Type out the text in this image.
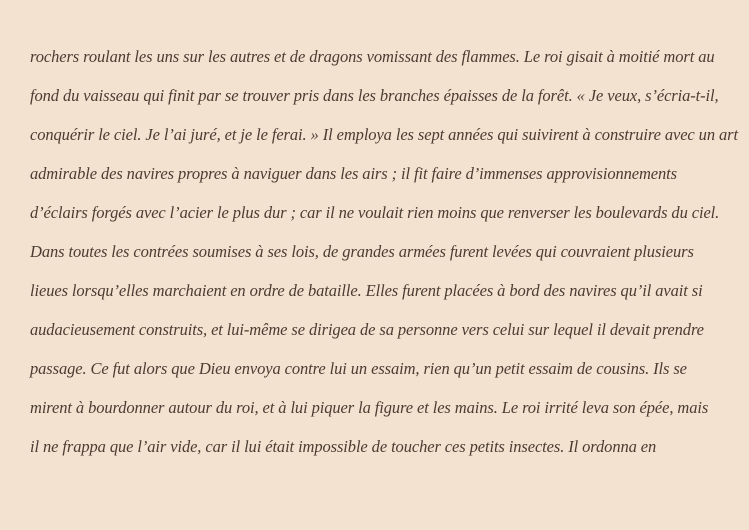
rochers roulant les uns sur les autres et de dragons vomissant des flammes. Le roi gisait à moitié mort au
fond du vaisseau qui finit par se trouver pris dans les branches épaisses de la forêt. « Je veux, s’écria-t-il,
conquérir le ciel. Je l’ai juré, et je le ferai. » Il employa les sept années qui suivirent à construire avec un art
admirable des navires propres à naviguer dans les airs ; il fit faire d’immenses approvisionnements
d’éclairs forgés avec l’acier le plus dur ; car il ne voulait rien moins que renverser les boulevards du ciel.
Dans toutes les contrées soumises à ses lois, de grandes armées furent levées qui couvraient plusieurs
lieues lorsqu’elles marchaient en ordre de bataille. Elles furent placées à bord des navires qu’il avait si
audacieusement construits, et lui-même se dirigea de sa personne vers celui sur lequel il devait prendre
passage. Ce fut alors que Dieu envoya contre lui un essaim, rien qu’un petit essaim de cousins. Ils se
mirent à bourdonner autour du roi, et à lui piquer la figure et les mains. Le roi irrité leva son épée, mais
il ne frappa que l’air vide, car il lui était impossible de toucher ces petits insectes. Il ordonna en
